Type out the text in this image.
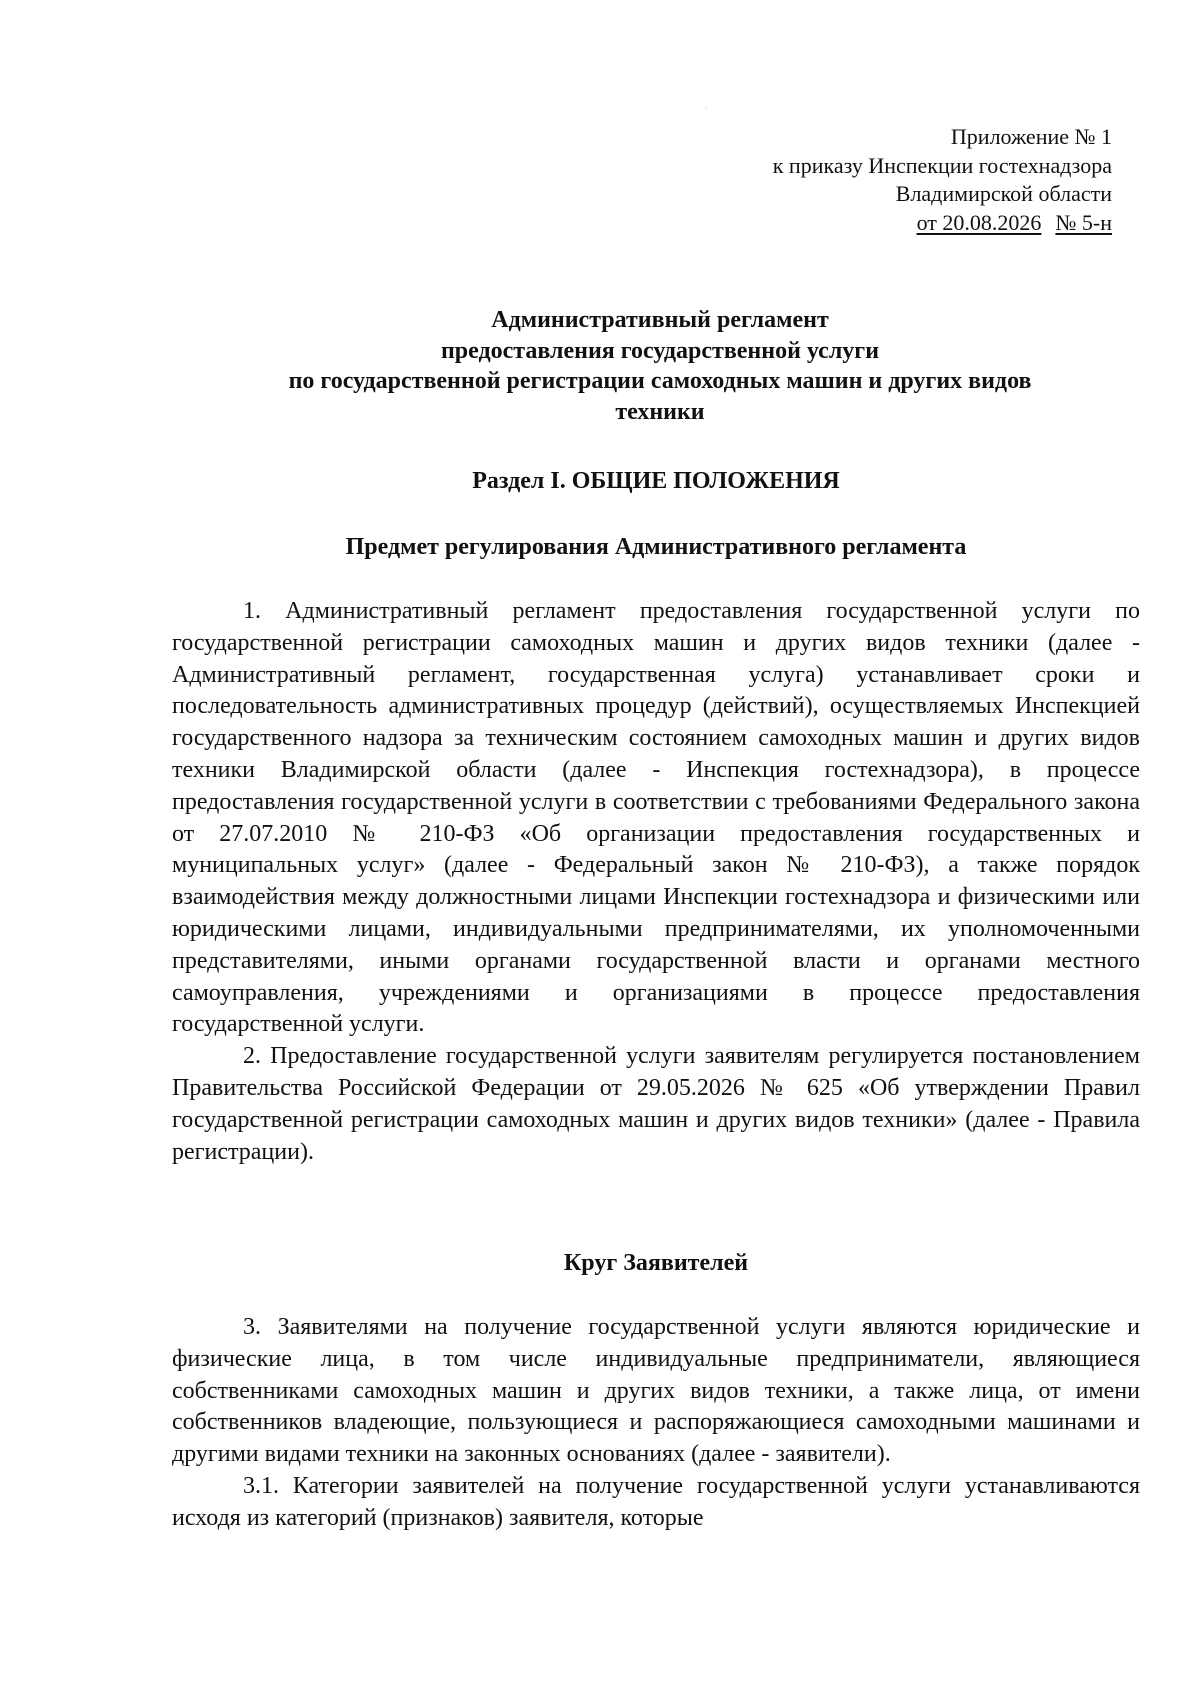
׳
Приложение № 1
к приказу Инспекции гостехнадзора
Владимирской области
от 20.08.2026 № 5-н
Административный регламент
предоставления государственной услуги
по государственной регистрации самоходных машин и других видов
техники
Раздел I. ОБЩИЕ ПОЛОЖЕНИЯ
Предмет регулирования Административного регламента

1. Административный регламент предоставления государственной услуги по государственной регистрации самоходных машин и других видов техники (далее - Административный регламент, государственная услуга) устанавливает сроки и последовательность административных процедур (действий), осуществляемых Инспекцией государственного надзора за техническим состоянием самоходных машин и других видов техники Владимирской области (далее - Инспекция гостехнадзора), в процессе предоставления государственной услуги в соответствии с требованиями Федерального закона от 27.07.2010 № 210-ФЗ «Об организации предоставления государственных и муниципальных услуг» (далее - Федеральный закон № 210-ФЗ), а также порядок взаимодействия между должностными лицами Инспекции гостехнадзора и физическими или юридическими лицами, индивидуальными предпринимателями, их уполномоченными представителями, иными органами государственной власти и органами местного самоуправления, учреждениями и организациями в процессе предоставления государственной услуги.

2. Предоставление государственной услуги заявителям регулируется постановлением Правительства Российской Федерации от 29.05.2026 № 625 «Об утверждении Правил государственной регистрации самоходных машин и других видов техники» (далее - Правила регистрации).

Круг Заявителей

3. Заявителями на получение государственной услуги являются юридические и физические лица, в том числе индивидуальные предприниматели, являющиеся собственниками самоходных машин и других видов техники, а также лица, от имени собственников владеющие, пользующиеся и распоряжающиеся самоходными машинами и другими видами техники на законных основаниях (далее - заявители).

3.1. Категории заявителей на получение государственной услуги устанавливаются исходя из категорий (признаков) заявителя, которые
